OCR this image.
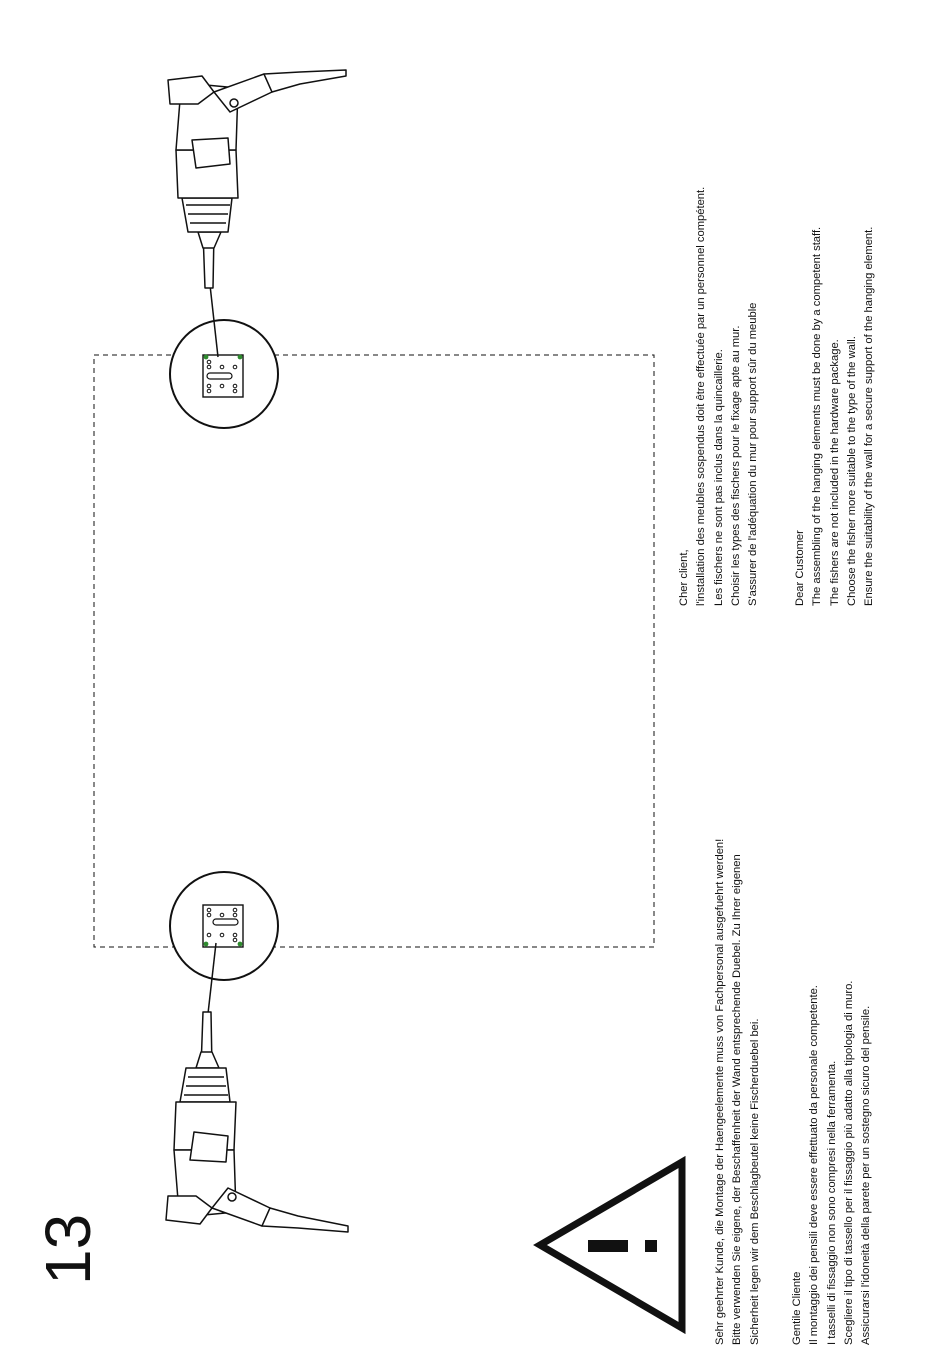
13	Sehr geehrter Kunde, die Montage der Haengeelemente muss von Fachpersonal ausgefuehrt werden! Bitte verwenden Sie eigene, der Beschaffenheit der Wand entsprechende Duebel. Zu Ihrer eigenen Sicherheit legen wir dem Beschlagbeutel keine Fischerduebel bei.	Gentile Cliente Il montaggio dei pensili deve essere effettuato da personale competente. I tasselli di fissaggio non sono compresi nella ferramenta. Scegliere il tipo di tassello per il fissaggio più adatto alla tipologia di muro. Assicurarsi l'idoneità della parete per un sostegno sicuro del pensile.
Cher client, l'installation des meubles sospendus doit être effectuée par un personnel compétent. Les fischers ne sont pas inclus dans la quincaillerie. Choisir les types des fischers pour le fixage apte au mur. S'assurer de l'adéquation du mur pour support sûr du meuble	Dear Customer The assembling of the hanging elements must be done by a competent staff. The fishers are not included in the hardware package. Choose the fisher more suitable to the type of the wall. Ensure the suitability of the wall for a secure support of the hanging element.
